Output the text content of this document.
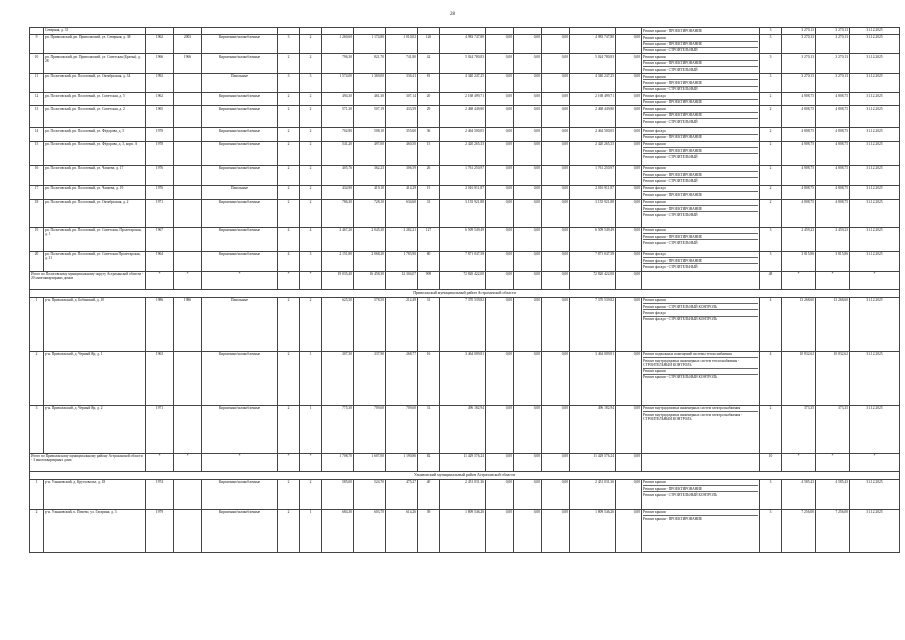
28
	Северная, д. 31																Ремонт крыши - ПРОЕКТИРОВАНИЕ	3	3 270,13	3 270,13	31.12.2025
9	рп. Приволжский, рп. Приволжский, ул. Северная, д. 38	1962	2003	Кирпичные/шлакоблочные	3	2	1 260,60	1 174,80	1 010,02	120	4 983 747,80	0,00	0,00	0,00	4 983 747,80	0,00	Ремонт крыши
Ремонт крыши - ПРОЕКТИРОВАНИЕ
Ремонт крыши - СТРОИТЕЛЬНЫЙ	3	3 270,13	3 270,13	31.12.2025
10	рп. Приволжский, рп. Приволжский, ул. Советская (Братья), д. 28	1966	1966	Кирпичные/шлакоблочные	2	2	796,30	821,70	741,80	42	5 024 780,83	0,00	0,00	0,00	5 024 780,83	0,00	Ремонт крыши
Ремонт крыши - ПРОЕКТИРОВАНИЕ
Ремонт крыши - СТРОИТЕЛЬНЫЙ	3	3 270,13	3 270,13	31.12.2025
11	рп. Пологовский, рп. Пологовый, ул. Октябрьская, д. 34	1992		Панельные	3	3	1 574,00	1 369,00	336,41	81	4 340 247,25	0,00	0,00	0,00	4 340 247,25	0,00	Ремонт крыши
Ремонт крыши - ПРОЕКТИРОВАНИЕ
Ремонт крыши - СТРОИТЕЛЬНЫЙ	3	3 270,13	3 270,13	31.12.2025
12	рп. Пологовский, рп. Пологовый, ул. Советская, д. 5	1962		Кирпичные/шлакоблочные	2	2	494,30	461,30	307,14	20	2 168 499,71	0,00	0,00	0,00	2 168 499,71	0,00	Ремонт фасада
Ремонт крыши - ПРОЕКТИРОВАНИЕ	2	4 808,75	4 808,75	31.12.2025
13	рп. Пологовский, рп. Пологовый, ул. Советская, д. 2	1965		Кирпичные/шлакоблочные	2	2	571,30	507,19	433,59	29	2 468 449,80	0,00	0,00	0,00	2 468 449,80	0,00	Ремонт крыши
Ремонт крыши - ПРОЕКТИРОВАНИЕ
Ремонт крыши - СТРОИТЕЛЬНЫЙ	2	4 808,75	4 808,75	31.12.2025
14	рп. Пологовский, рп. Пологовый, ул. Фёдорова, д. 5	1978		Кирпичные/шлакоблочные	2	2	702,80	508,10	355,60	36	2 464 500,05	0,00	0,00	0,00	2 464 500,05	0,00	Ремонт фасада
Ремонт крыши - ПРОЕКТИРОВАНИЕ	2	4 808,75	4 808,75	31.12.2025
15	рп. Пологовский, рп. Пологовый, ул. Фёдорова, д. 3, корп. А	1978		Кирпичные/шлакоблочные	2	2	541,20	497,00	460,50	15	2 420 265,33	0,00	0,00	0,00	2 420 265,33	0,00	Ремонт крыши
Ремонт крыши - ПРОЕКТИРОВАНИЕ
Ремонт крыши - СТРОИТЕЛЬНЫЙ	2	4 808,75	4 808,75	31.12.2025
16	рп. Пологовский, рп. Пологовый, ул. Чапаева, д. 17	1976		Кирпичные/шлакоблочные	2	2	405,76	362,23	306,59	26	1 761 250,97	0,00	0,00	0,00	1 761 250,97	0,00	Ремонт крыши
Ремонт крыши - ПРОЕКТИРОВАНИЕ
Ремонт крыши - СТРОИТЕЛЬНЫЙ	2	4 808,75	4 808,75	31.12.2025
17	рп. Пологовский, рп. Пологовый, ул. Чапаева, д. 19	1976		Панельные	2	2	434,90	419,10	414,29	15	2 016 911,87	0,00	0,00	0,00	2 016 911,87	0,00	Ремонт фасада
Ремонт крыши - ПРОЕКТИРОВАНИЕ	2	4 808,75	4 808,75	31.12.2025
18	рп. Пологовский, рп. Пологовый, ул. Октябрьская, д. 2	1971		Кирпичные/шлакоблочные	2	2	786,30	728,10	634,60	31	3 155 921,88	0,00	0,00	0,00	3 155 921,88	0,00	Ремонт крыши
Ремонт крыши - ПРОЕКТИРОВАНИЕ
Ремонт крыши - СТРОИТЕЛЬНЫЙ	2	4 808,75	4 808,75	31.12.2025
19	рп. Пологовский, рп. Пологовый, ул. Советская, Пролетарская, д. 1	1967		Кирпичные/шлакоблочные	4	4	2 467,20	2 045,30	2 282,21	127	6 509 549,49	0,00	0,00	0,00	6 509 549,49	0,00	Ремонт крыши
Ремонт крыши - ПРОЕКТИРОВАНИЕ
Ремонт крыши - СТРОИТЕЛЬНЫЙ	3	2 459,23	2 459,23	31.12.2025
20	рп. Пологовский, рп. Пологовый, ул. Советская Пролетарская, д. 11	1964		Кирпичные/шлакоблочные	4	3	2 151,80	2 068,20	1 783,90	80	7 871 047,58	0,00	0,00	0,00	7 871 047,58	0,00	Ремонт фасада
Ремонт фасада - ПРОЕКТИРОВАНИЕ
Ремонт фасада - СТРОИТЕЛЬНЫЙ	3	3 815,86	3 815,86	31.12.2025
Итого по Пологовскому муниципальному округу Астраханской области - 20 многоквартирных домов		*	*	*	*	*	19 035,40	16 458,30	12 304,07	909	72 820 422,00	0,00	0,00	0,00	72 820 422,00	0,00		48	*	*	*
Приволжский муниципальный район Астраханской области																					
1	р-н. Приволжский, д. Бобинский, д. 10	1986	1986	Панельные	2	2	625,50	578,50	212,49	31	7 370 539,82	0,00	0,00	0,00	7 370 539,82	0,00	Ремонт крыши
Ремонт крыши - СТРОИТЕЛЬНЫЙ КОНТРОЛЬ
Ремонт фасада
Ремонт фасада - СТРОИТЕЛЬНЫЙ КОНТРОЛЬ	4	13 268,60	13 268,60	31.12.2025
2	р-н. Приволжский, д. Черный Яр, д. 1	1963		Кирпичные/шлакоблочные	2	1	307,30	337,90	268,77	16	3 464 009,81	0,00	0,00	0,00	3 464 009,81	0,00	Ремонт подвальных помещений системы теплоснабжения
Ремонт внутридомовых инженерных систем теплоснабжения - СТРОИТЕЛЬНЫЙ КОНТРОЛЬ
Ремонт крыши
Ремонт крыши - СТРОИТЕЛЬНЫЙ КОНТРОЛЬ	4	10 832,62	10 832,62	31.12.2025
3	р-н. Приволжский, д. Черный Яр, д. 2	1971		Кирпичные/шлакоблочные	2	1	775,30	709,60	709,60	31	496 182,94	0,00	0,00	0,00	496 182,94	0,00	Ремонт внутридомовых инженерных систем электроснабжения
Ремонт внутридомовых инженерных систем электроснабжения - СТРОИТЕЛЬНЫЙ КОНТРОЛЬ	2	373,35	373,35	31.12.2025
Итого по Приволжскому муниципальному району Астраханской области - 3 многоквартирных дома		*	*	*	*	*	1 708,70	1 607,00	1 190,86	82	11 429 576,24	0,00	0,00	0,00	11 429 576,24	0,00		10	*	*	*
Ульяновский муниципальный район Астраханской области																					
1	р-н. Ульяновский, д. Кругловолье, д. 18	1974		Кирпичные/шлакоблочные	2	2	585,00	524,70	475,27	40	2 451 031,36	0,00	0,00	0,00	2 451 031,36	0,00	Ремонт крыши
Ремонт крыши - ПРОЕКТИРОВАНИЕ
Ремонт крыши - СТРОИТЕЛЬНЫЙ КОНТРОЛЬ	3	4 585,43	4 585,43	31.12.2025
2	р-н. Ульяновский, п. Пичево, ул. Гагарина, д. 3	1979		Кирпичные/шлакоблочные	2	1	684,30	603,70	614,26	39	1 809 546,26	0,00	0,00	0,00	1 809 546,26	0,00	Ремонт крыши
Ремонт крыши - ПРОЕКТИРОВАНИЕ	3	7 256,00	7 256,00	31.12.2025
